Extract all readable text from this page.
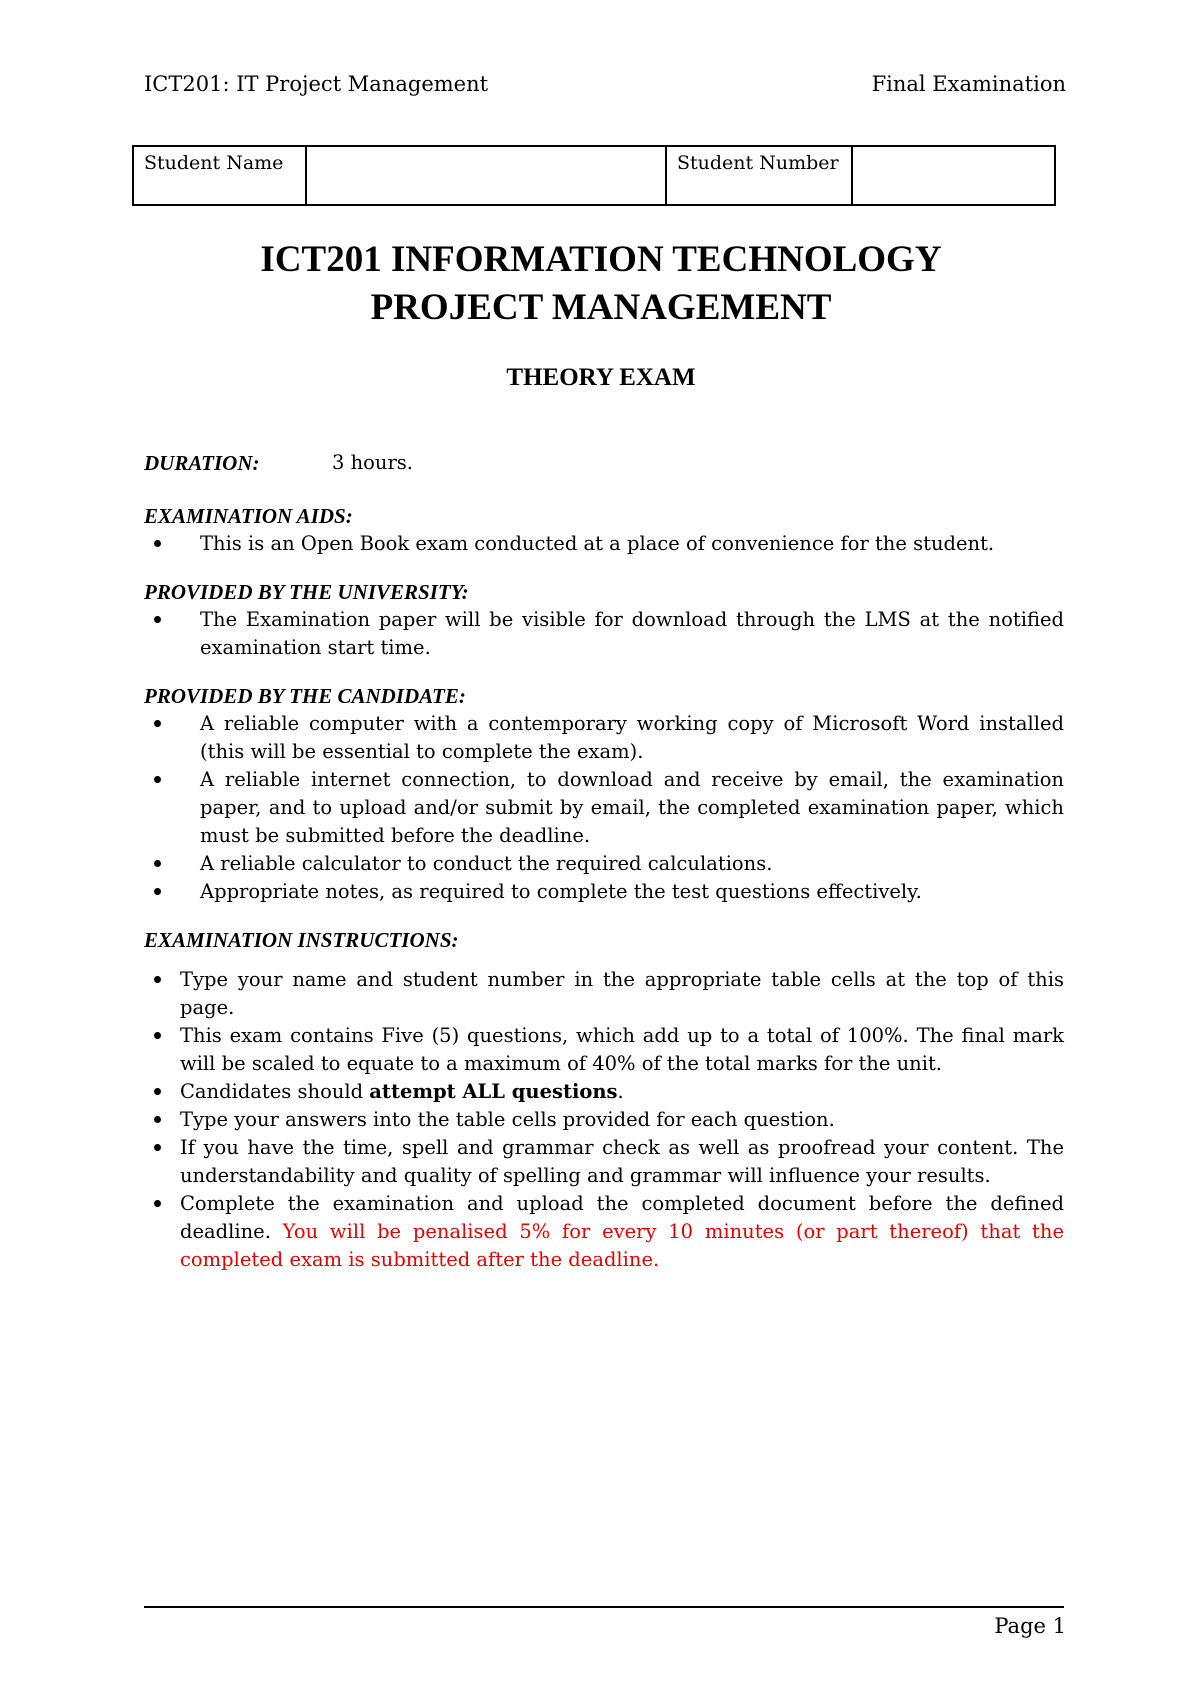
ICT201: IT Project Management	Final Examination
Student Name		Student Number	
ICT201 INFORMATION TECHNOLOGY
PROJECT MANAGEMENT
THEORY EXAM
DURATION:	3 hours.
EXAMINATION AIDS:
This is an Open Book exam conducted at a place of convenience for the student.
PROVIDED BY THE UNIVERSITY:
The Examination paper will be visible for download through the LMS at the notified examination start time.
PROVIDED BY THE CANDIDATE:
A reliable computer with a contemporary working copy of Microsoft Word installed (this will be essential to complete the exam).
A reliable internet connection, to download and receive by email, the examination paper, and to upload and/or submit by email, the completed examination paper, which must be submitted before the deadline.
A reliable calculator to conduct the required calculations.
Appropriate notes, as required to complete the test questions effectively.
EXAMINATION INSTRUCTIONS:
Type your name and student number in the appropriate table cells at the top of this page.
This exam contains Five (5) questions, which add up to a total of 100%. The final mark will be scaled to equate to a maximum of 40% of the total marks for the unit.
Candidates should attempt ALL questions.
Type your answers into the table cells provided for each question.
If you have the time, spell and grammar check as well as proofread your content. The understandability and quality of spelling and grammar will influence your results.
Complete the examination and upload the completed document before the defined deadline. You will be penalised 5% for every 10 minutes (or part thereof) that the completed exam is submitted after the deadline.
Page 1
